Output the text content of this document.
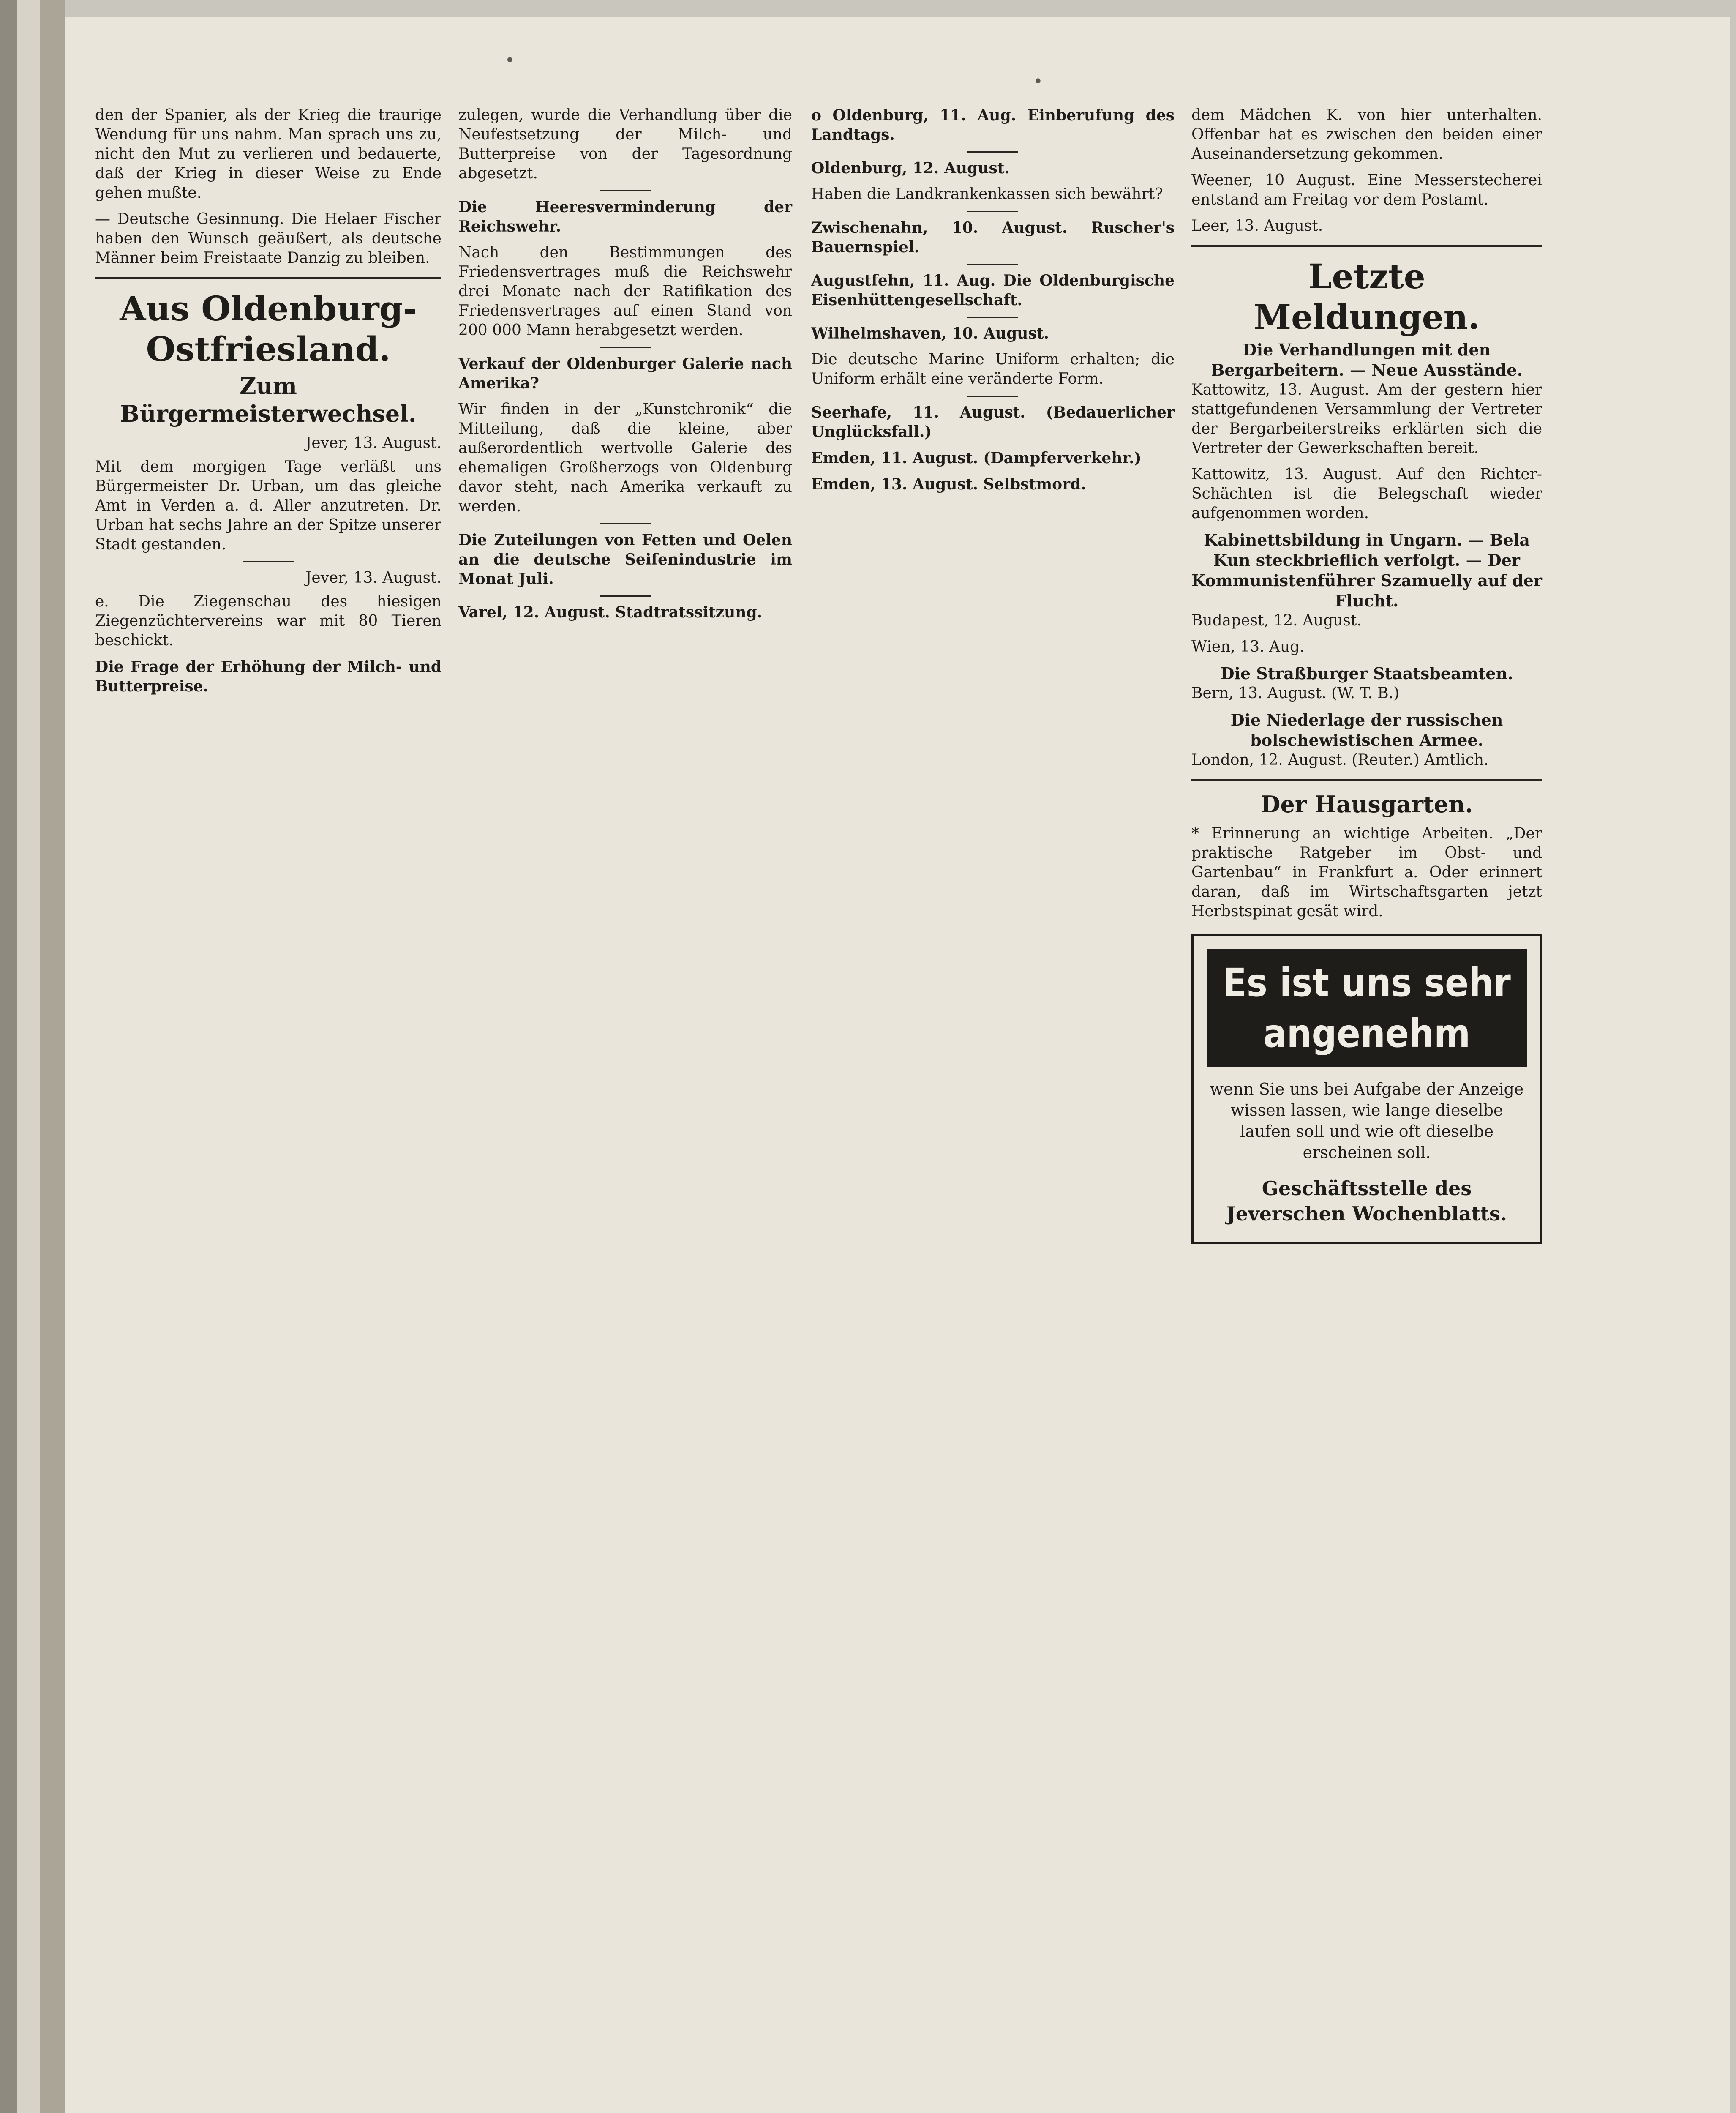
den der Spanier, als der Krieg die traurige Wendung für uns nahm. Man sprach uns zu, nicht den Mut zu verlieren und bedauerte, daß der Krieg in dieser Weise zu Ende gehen mußte.
— Deutsche Gesinnung. Die Helaer Fischer haben den Wunsch geäußert, als deutsche Männer beim Freistaate Danzig zu bleiben.
Aus Oldenburg-Ostfriesland.
Zum Bürgermeisterwechsel.
Jever, 13. August.
Mit dem morgigen Tage verläßt uns Bürgermeister Dr. Urban, um das gleiche Amt in Verden a. d. Aller anzutreten. Dr. Urban hat sechs Jahre an der Spitze unserer Stadt gestanden.
Jever, 13. August.
e. Die Ziegenschau des hiesigen Ziegenzüchtervereins war mit 80 Tieren beschickt.
Die Frage der Erhöhung der Milch- und Butterpreise.
zulegen, wurde die Verhandlung über die Neufestsetzung der Milch- und Butterpreise von der Tagesordnung abgesetzt.
Die Heeresverminderung der Reichswehr.
Nach den Bestimmungen des Friedensvertrages muß die Reichswehr drei Monate nach der Ratifikation des Friedensvertrages auf einen Stand von 200 000 Mann herabgesetzt werden.
Verkauf der Oldenburger Galerie nach Amerika?
Wir finden in der „Kunstchronik“ die Mitteilung, daß die kleine, aber außerordentlich wertvolle Galerie des ehemaligen Großherzogs von Oldenburg davor steht, nach Amerika verkauft zu werden.
Die Zuteilungen von Fetten und Oelen an die deutsche Seifenindustrie im Monat Juli.
Varel, 12. August. Stadtratssitzung.
o Oldenburg, 11. Aug. Einberufung des Landtags.
Oldenburg, 12. August.
Haben die Landkrankenkassen sich bewährt?
Zwischenahn, 10. August. Ruscher's Bauernspiel.
Augustfehn, 11. Aug. Die Oldenburgische Eisenhüttengesellschaft.
Wilhelmshaven, 10. August.
Die deutsche Marine Uniform erhalten; die Uniform erhält eine veränderte Form.
Seerhafe, 11. August. (Bedauerlicher Unglücksfall.)
Emden, 11. August. (Dampferverkehr.)
Emden, 13. August. Selbstmord.
dem Mädchen K. von hier unterhalten. Offenbar hat es zwischen den beiden einer Auseinandersetzung gekommen.
Weener, 10 August. Eine Messerstecherei entstand am Freitag vor dem Postamt.
Leer, 13. August.
Letzte Meldungen.
Die Verhandlungen mit den Bergarbeitern. — Neue Ausstände.
Kattowitz, 13. August. Am der gestern hier stattgefundenen Versammlung der Vertreter der Bergarbeiterstreiks erklärten sich die Vertreter der Gewerkschaften bereit.
Kattowitz, 13. August. Auf den Richter-Schächten ist die Belegschaft wieder aufgenommen worden.
Kabinettsbildung in Ungarn. — Bela Kun steckbrieflich verfolgt. — Der Kommunistenführer Szamuelly auf der Flucht.
Budapest, 12. August.
Wien, 13. Aug.
Die Straßburger Staatsbeamten.
Bern, 13. August. (W. T. B.)
Die Niederlage der russischen bolschewistischen Armee.
London, 12. August. (Reuter.) Amtlich.
Der Hausgarten.
* Erinnerung an wichtige Arbeiten. „Der praktische Ratgeber im Obst- und Gartenbau“ in Frankfurt a. Oder erinnert daran, daß im Wirtschaftsgarten jetzt Herbstspinat gesät wird.
Es ist uns sehr angenehm
wenn Sie uns bei Aufgabe der Anzeige wissen lassen, wie lange dieselbe laufen soll und wie oft dieselbe erscheinen soll.
Geschäftsstelle des Jeverschen Wochenblatts.
•
•
